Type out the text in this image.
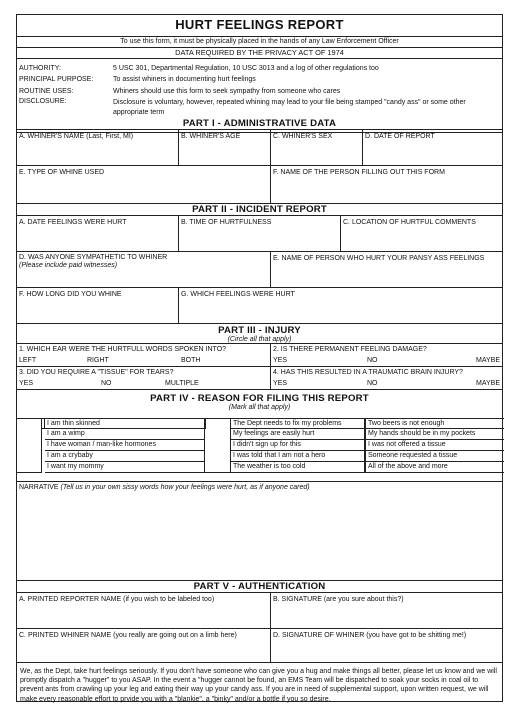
HURT FEELINGS REPORT
To use this form, it must be physically placed in the hands of any Law Enforcement Officer
DATA REQUIRED BY THE PRIVACY ACT OF 1974
AUTHORITY:	5 USC 301, Departmental Regulation, 10 USC 3013 and a log of other regulations too
PRINCIPAL PURPOSE:	To assist whiners in documenting hurt feelings
ROUTINE USES:	Whiners should use this form to seek sympathy from someone who cares
DISCLOSURE:	Disclosure is voluntary, however, repeated whining may lead to your file being stamped "candy ass" or some other appropriate term
PART I - ADMINISTRATIVE DATA
A. WHINER'S NAME (Last, First, MI)	B. WHINER'S AGE	C. WHINER'S SEX	D. DATE OF REPORT
E. TYPE OF WHINE USED	F. NAME OF THE PERSON FILLING OUT THIS FORM
PART II - INCIDENT REPORT
A. DATE FEELINGS WERE HURT	B. TIME OF HURTFULNESS	C. LOCATION OF HURTFUL COMMENTS
D. WAS ANYONE SYMPATHETIC TO WHINER
(Please include paid witnesses)
E. NAME OF PERSON WHO HURT YOUR PANSY ASS FEELINGS
F. HOW LONG DID YOU WHINE	G. WHICH FEELINGS WERE HURT
PART III - INJURY
(Circle all that apply)
1. WHICH EAR WERE THE HURTFULL WORDS SPOKEN INTO?
LEFT	RIGHT	BOTH
2. IS THERE PERMANENT FEELING DAMAGE?
YES	NO	MAYBE
3. DID YOU REQUIRE A "TISSUE" FOR TEARS?
YES	NO	MULTIPLE
4. HAS THIS RESULTED IN A TRAUMATIC BRAIN INJURY?
YES	NO	MAYBE
PART IV - REASON FOR FILING THIS REPORT
(Mark all that apply)
I am thin skinned	The Dept needs to fix my problems	Two beers is not enough
I am a wimp	My feelings are easily hurt	My hands should be in my pockets
I have woman / man-like hormones	I didn't sign up for this	I was not offered a tissue
I am a crybaby	I was told that I am not a hero	Someone requested a tissue
I want my mommy	The weather is too cold	All of the above and more
NARRATIVE (Tell us in your own sissy words how your feelings were hurt, as if anyone cared)
PART V - AUTHENTICATION
A. PRINTED REPORTER NAME (if you wish to be labeled too)	B. SIGNATURE (are you sure about this?)
C. PRINTED WHINER NAME (you really are going out on a limb here)	D. SIGNATURE OF WHINER (you have got to be shitting me!)
We, as the Dept, take hurt feelings seriously. If you don't have someone who can give you a hug and make things all better, please let us know and we will promptly dispatch a "hugger" to you ASAP. In the event a "hugger cannot be found, an EMS Team will be dispatched to soak your socks in coal oil to prevent ants from crawling up your leg and eating their way up your candy ass. If you are in need of supplemental support, upon written request, we will make every reasonable effort to prvide you with a "blankie", a "binky" and/or a bottle if you so desire.
